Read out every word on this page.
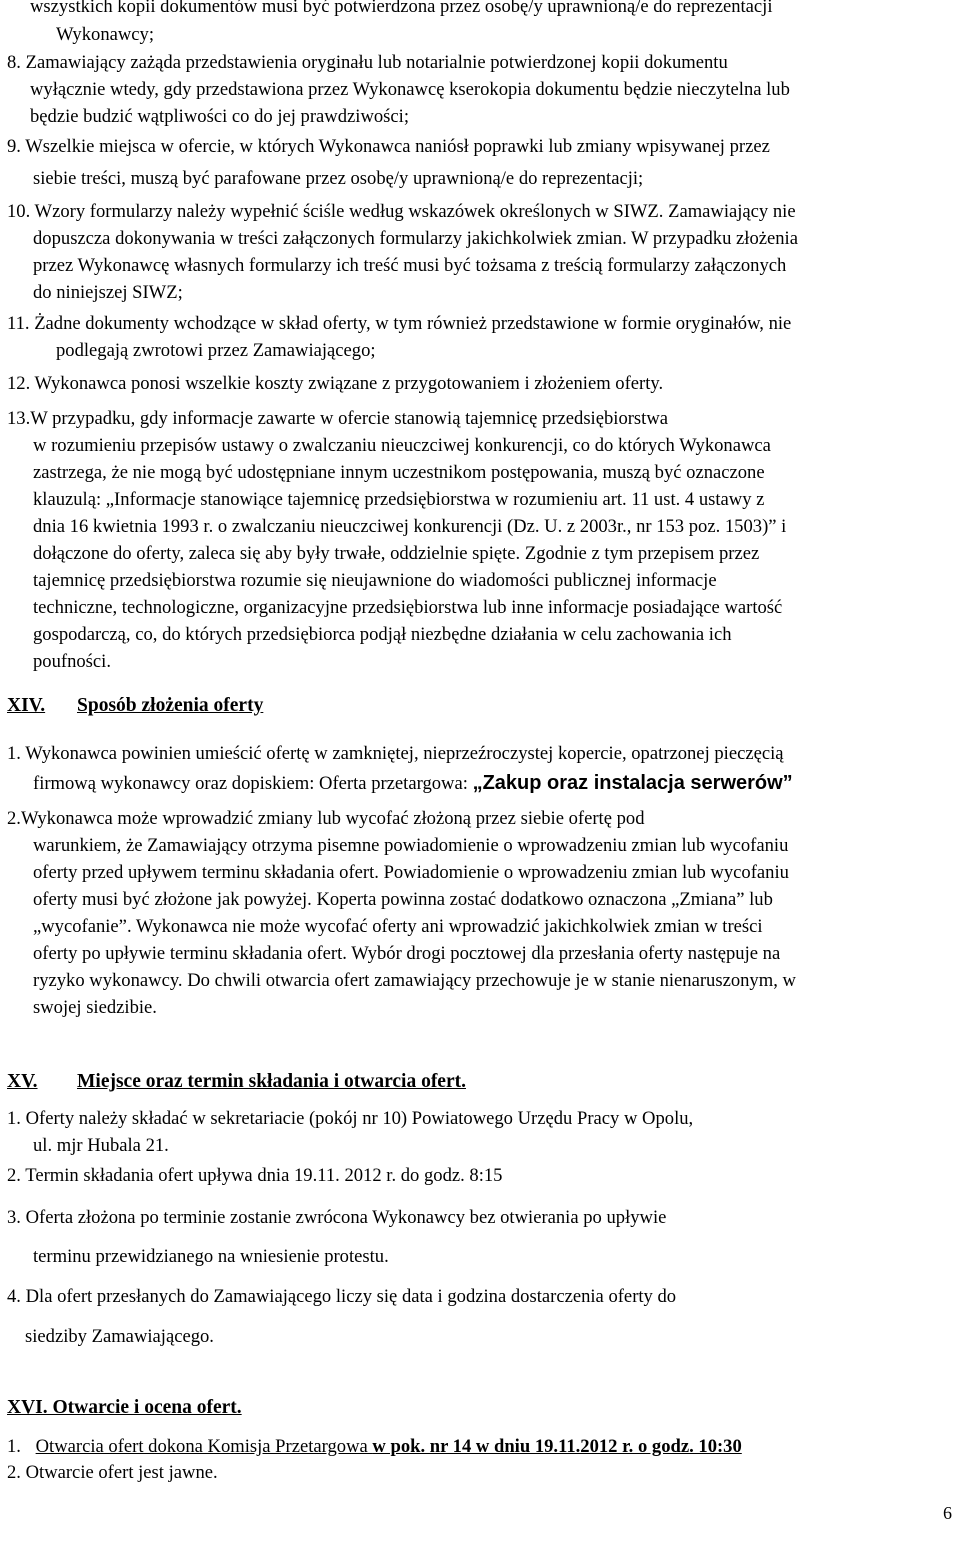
wszystkich kopii dokumentów musi być potwierdzona przez osobę/y uprawnioną/e do reprezentacji
Wykonawcy;
8. Zamawiający zażąda przedstawienia oryginału lub notarialnie potwierdzonej kopii dokumentu
wyłącznie wtedy, gdy przedstawiona przez Wykonawcę kserokopia dokumentu będzie nieczytelna lub
będzie budzić wątpliwości co do jej prawdziwości;
9. Wszelkie miejsca w ofercie, w których Wykonawca naniósł poprawki lub zmiany wpisywanej przez
siebie treści, muszą być parafowane przez osobę/y uprawnioną/e do reprezentacji;
10. Wzory formularzy należy wypełnić ściśle według wskazówek określonych w SIWZ. Zamawiający nie
dopuszcza dokonywania w treści załączonych formularzy jakichkolwiek zmian. W przypadku złożenia
przez Wykonawcę własnych formularzy ich treść musi być tożsama z treścią formularzy załączonych
do niniejszej SIWZ;
11. Żadne dokumenty wchodzące w skład oferty, w tym również przedstawione w formie oryginałów, nie
podlegają zwrotowi przez Zamawiającego;
12. Wykonawca ponosi wszelkie koszty związane z przygotowaniem i złożeniem oferty.
13.W przypadku, gdy informacje zawarte w ofercie stanowią tajemnicę przedsiębiorstwa
w rozumieniu przepisów ustawy o zwalczaniu nieuczciwej konkurencji, co do których Wykonawca
zastrzega, że nie mogą być udostępniane innym uczestnikom postępowania, muszą być oznaczone
klauzulą: „Informacje stanowiące tajemnicę przedsiębiorstwa w rozumieniu art. 11 ust. 4 ustawy z
dnia 16 kwietnia 1993 r. o zwalczaniu nieuczciwej konkurencji (Dz. U. z 2003r., nr 153 poz. 1503)” i
dołączone do oferty, zaleca się aby były trwałe, oddzielnie spięte. Zgodnie z tym przepisem przez
tajemnicę przedsiębiorstwa rozumie się nieujawnione do wiadomości publicznej informacje
techniczne, technologiczne, organizacyjne przedsiębiorstwa lub inne informacje posiadające wartość
gospodarczą, co, do których przedsiębiorca podjął niezbędne działania w celu zachowania ich
poufności.
XIV. Sposób złożenia oferty
1. Wykonawca powinien umieścić ofertę w zamkniętej, nieprzeźroczystej kopercie, opatrzonej pieczęcią
firmową wykonawcy oraz dopiskiem: Oferta przetargowa: „Zakup oraz instalacja serwerów”
2.Wykonawca może wprowadzić zmiany lub wycofać złożoną przez siebie ofertę pod
warunkiem, że Zamawiający otrzyma pisemne powiadomienie o wprowadzeniu zmian lub wycofaniu
oferty przed upływem terminu składania ofert. Powiadomienie o wprowadzeniu zmian lub wycofaniu
oferty musi być złożone jak powyżej. Koperta powinna zostać dodatkowo oznaczona „Zmiana” lub
„wycofanie”. Wykonawca nie może wycofać oferty ani wprowadzić jakichkolwiek zmian w treści
oferty po upływie terminu składania ofert. Wybór drogi pocztowej dla przesłania oferty następuje na
ryzyko wykonawcy. Do chwili otwarcia ofert zamawiający przechowuje je w stanie nienaruszonym, w
swojej siedzibie.
XV. Miejsce oraz termin składania i otwarcia ofert.
1. Oferty należy składać w sekretariacie (pokój nr 10) Powiatowego Urzędu Pracy w Opolu,
ul. mjr Hubala 21.
2. Termin składania ofert upływa dnia 19.11. 2012 r. do godz. 8:15
3. Oferta złożona po terminie zostanie zwrócona Wykonawcy bez otwierania po upływie
terminu przewidzianego na wniesienie protestu.
4. Dla ofert przesłanych do Zamawiającego liczy się data i godzina dostarczenia oferty do
siedziby Zamawiającego.
XVI. Otwarcie i ocena ofert.
1. Otwarcia ofert dokona Komisja Przetargowa w pok. nr 14 w dniu 19.11.2012 r. o godz. 10:30
2. Otwarcie ofert jest jawne.
6
